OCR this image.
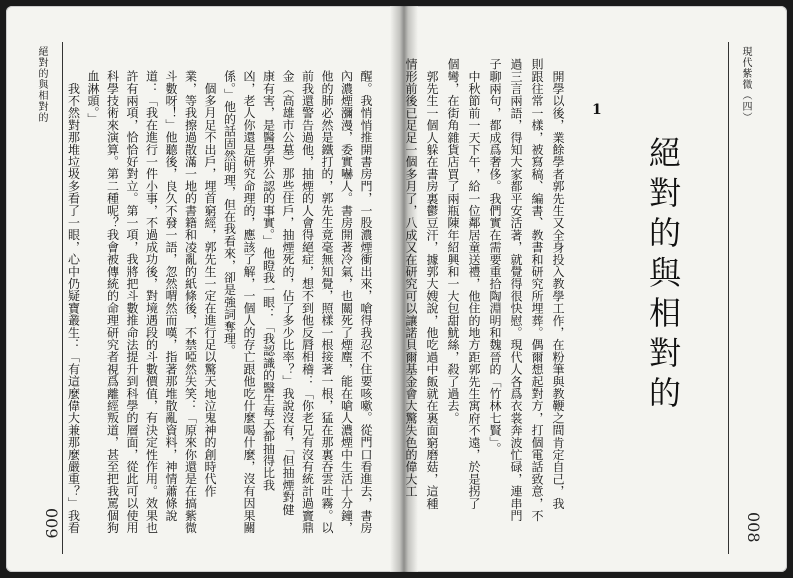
絕對的與相對的
009	醒。我悄悄推開書房門，一股濃煙衝出來，嗆得我忍不住要咳嗽。從門口看進去，書房
內濃煙瀰漫，委實嚇人。書房開著冷氣，也關死了煙塵，能在嗆人濃煙中生活十分鐘，
他的肺必然是鐵打的，郭先生竟毫無知覺，照樣一根接著一根，猛在那裏吞雲吐霧。以
前我還警告過他，抽煙的人會得絕症，想不到他反脣相稽：「你老兄有沒有統計過竇鼎
金（高雄市公墓）那些住戶，抽煙死的，佔了多少比率？」我說沒有，「但抽煙對健
康有害，是醫學界公認的事實。」他瞪我一眼：「我認識的醫生每天都抽得比我
凶，老人你還是研究命理的，應該了解，一個人的存亡跟他吃什麼喝什麼，沒有因果關
係。」他的話固然明理，但在我看來，卻是強詞奪理。
　個多月足不出戶，埋首窮經，郭先生一定在進行足以驚天地泣鬼神的創時代作
業，等我擦過散滿一地的書籍和凌亂的紙條後，不禁啞然失笑：「原來你還是在搞紫微
斗數呀！」他聽後，良久不發一語，忽然喟然而嘆，指著那堆散亂資料，神情蕭條說
道：「我在進行一件小事，不過成功後，對境遇段的斗數價值，有決定性作用。效果也
許有兩項，恰恰好對立。第一項，我將把斗數推命法提升到科學的層面，從此可以使用
科學技術來演算。第二種呢？我會被傳統的命理研究者視爲離經叛道，甚至把我罵個狗
血淋頭。」
　我不然對那堆垃圾多看了一眼，心中仍疑寶叢生：「有這麼偉大兼那麼嚴重？」我看	現代紫微（四）
008
1
絕對的與相對的
　開學以後，業餘學者郭先生又全身投入教學工作，在粉筆與教鞭之間肯定自己，我
則跟往常一樣，被寫稿、編書、教書和研究所埋葬。偶爾想起對方，打個電話致意，不
過三言兩語，得知大家都平安活著，就覺得很快慰。現代人各爲衣裳奔波忙碌，連串門
子聊兩句，都成爲奢侈。我們實在需要重拾陶淵明和魏晉的「竹林七賢」。
　中秋節前一天下午，給一位鄰居童送禮，他住的地方距郭先生寓府不遠，於是拐了
個彎，在街角雜貨店買了兩瓶陳年紹興和一大包甜魷絲，殺了過去。
　郭先生一個人躲在書房裏鬱豆汗，據郭大嫂說，他吃過中飯就在裏面窮磨菇，這種
情形前後已足足一個多月了，八成又在研究可以讓諾貝爾基金會大驚失色的偉大工
